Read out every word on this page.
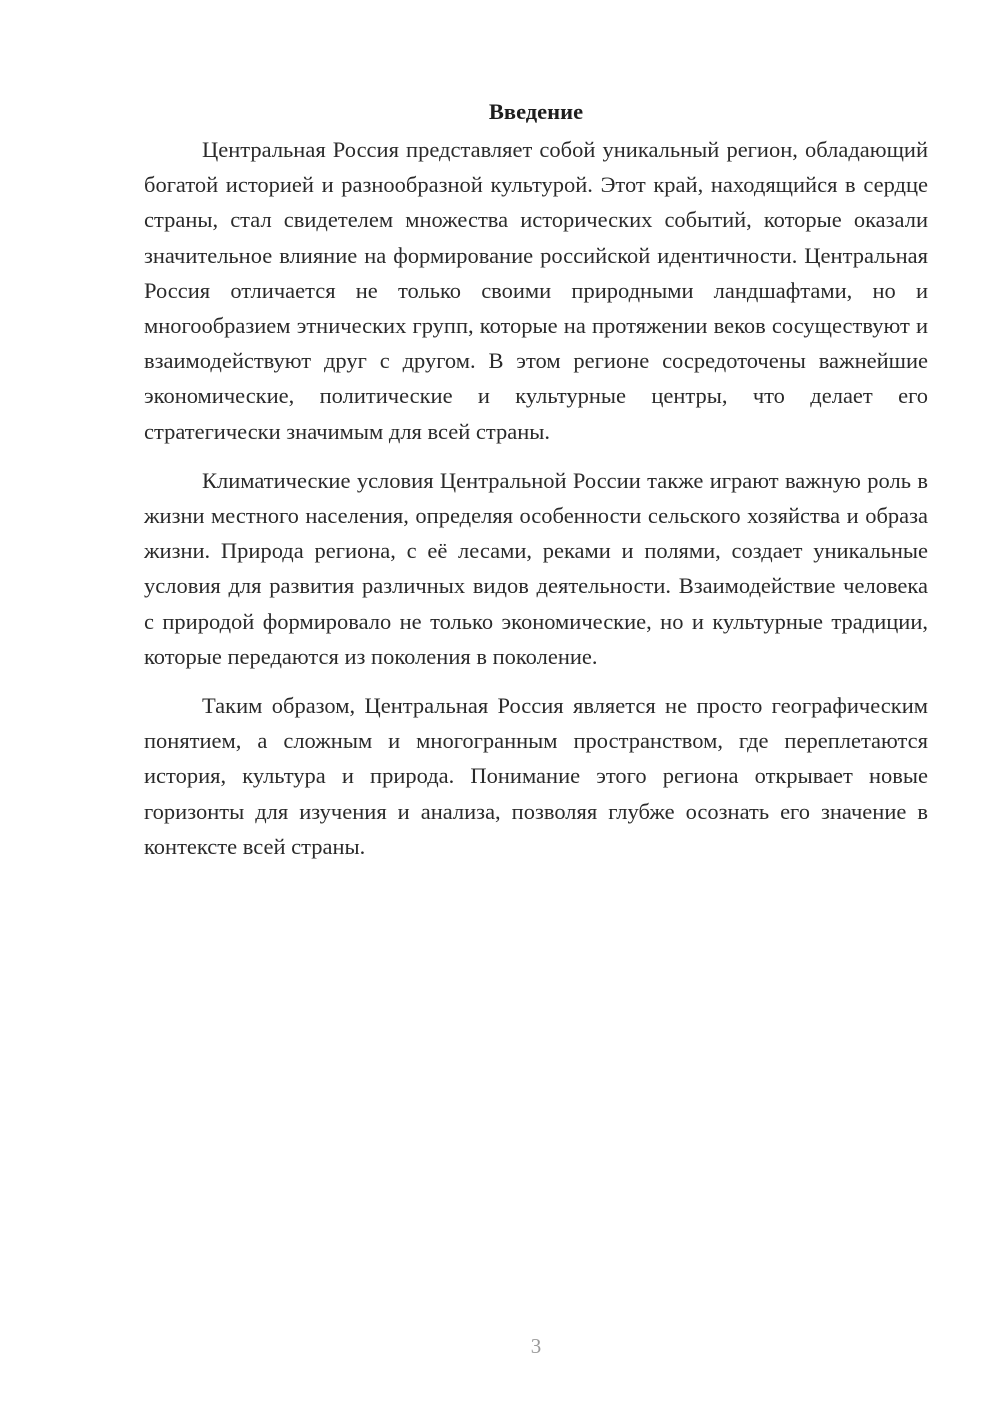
Введение

Центральная Россия представляет собой уникальный регион, обладающий богатой историей и разнообразной культурой. Этот край, находящийся в сердце страны, стал свидетелем множества исторических событий, которые оказали значительное влияние на формирование российской идентичности. Центральная Россия отличается не только своими природными ландшафтами, но и многообразием этнических групп, которые на протяжении веков сосуществуют и взаимодействуют друг с другом. В этом регионе сосредоточены важнейшие экономические, политические и культурные центры, что делает его стратегически значимым для всей страны.

Климатические условия Центральной России также играют важную роль в жизни местного населения, определяя особенности сельского хозяйства и образа жизни. Природа региона, с её лесами, реками и полями, создает уникальные условия для развития различных видов деятельности. Взаимодействие человека с природой формировало не только экономические, но и культурные традиции, которые передаются из поколения в поколение.

Таким образом, Центральная Россия является не просто географическим понятием, а сложным и многогранным пространством, где переплетаются история, культура и природа. Понимание этого региона открывает новые горизонты для изучения и анализа, позволяя глубже осознать его значение в контексте всей страны.

3
